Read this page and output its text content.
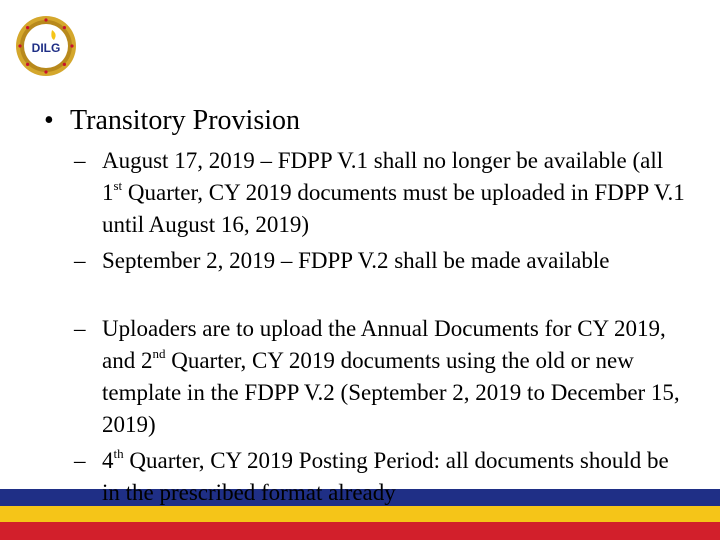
DILG
• Transitory Provision
– August 17, 2019 – FDPP V.1 shall no longer be available (all 1st Quarter, CY 2019 documents must be uploaded in FDPP V.1 until August 16, 2019)
– September 2, 2019 – FDPP V.2 shall be made available
– Uploaders are to upload the Annual Documents for CY 2019, and 2nd Quarter, CY 2019 documents using the old or new template in the FDPP V.2 (September 2, 2019 to December 15, 2019)
– 4th Quarter, CY 2019 Posting Period: all documents should be in the prescribed format already
